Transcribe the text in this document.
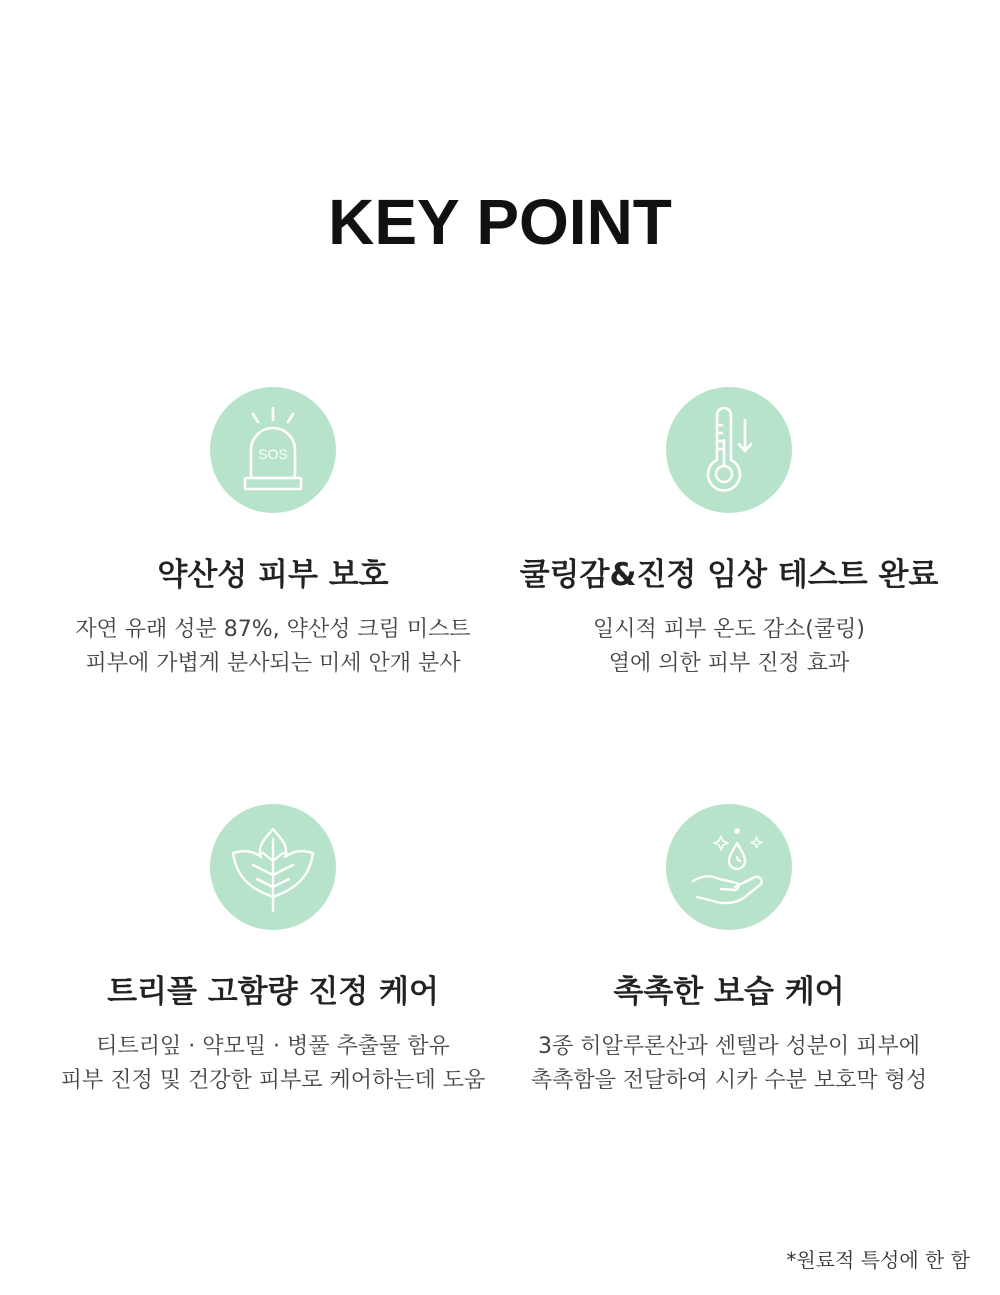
KEY POINT
SOS
약산성 피부 보호
자연 유래 성분 87%, 약산성 크림 미스트
피부에 가볍게 분사되는 미세 안개 분사
쿨링감&진정 임상 테스트 완료
일시적 피부 온도 감소(쿨링)
열에 의한 피부 진정 효과
트리플 고함량 진정 케어
티트리잎 · 약모밀 · 병풀 추출물 함유
피부 진정 및 건강한 피부로 케어하는데 도움
촉촉한 보습 케어
3종 히알루론산과 센텔라 성분이 피부에
촉촉함을 전달하여 시카 수분 보호막 형성
*원료적 특성에 한 함
